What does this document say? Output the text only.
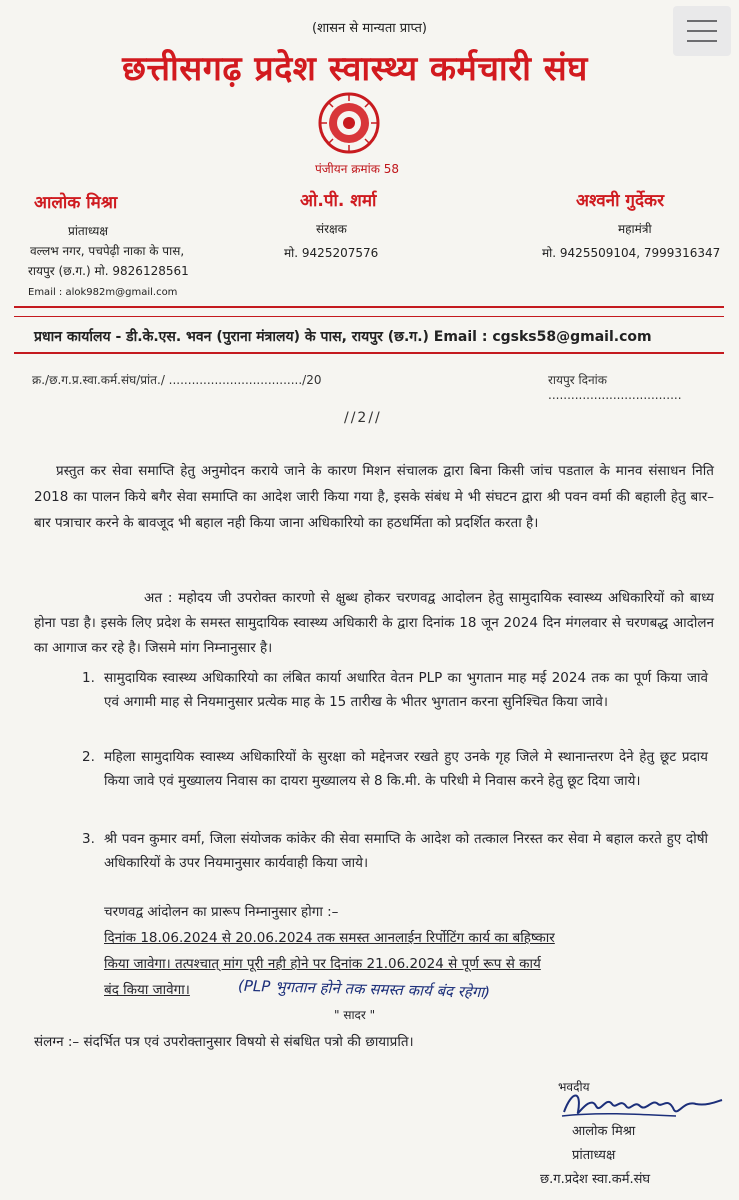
(शासन से मान्यता प्राप्त)
छत्तीसगढ़ प्रदेश स्वास्थ्य कर्मचारी संघ
पंजीयन क्रमांक 58
आलोक मिश्रा
प्रांताध्यक्ष
वल्लभ नगर, पचपेढ़ी नाका के पास,
रायपुर (छ.ग.) मो. 9826128561
Email : alok982m@gmail.com
ओ.पी. शर्मा
संरक्षक
मो. 9425207576
अश्वनी गुर्देकर
महामंत्री
मो. 9425509104, 7999316347
प्रधान कार्यालय - डी.के.एस. भवन (पुराना मंत्रालय) के पास, रायपुर (छ.ग.) Email : cgsks58@gmail.com
क्र./छ.ग.प्र.स्वा.कर्म.संघ/प्रांत./ .................................../20	रायपुर दिनांक ...................................
//2//
प्रस्तुत कर सेवा समाप्ति हेतु अनुमोदन कराये जाने के कारण मिशन संचालक द्वारा बिना किसी जांच पडताल के मानव संसाधन निति 2018 का पालन किये बगैर सेवा समाप्ति का आदेश जारी किया गया है, इसके संबंध मे भी संघटन द्वारा श्री पवन वर्मा की बहाली हेतु बार–बार पत्राचार करने के बावजूद भी बहाल नही किया जाना अधिकारियो का हठधर्मिता को प्रदर्शित करता है।
अत : महोदय जी उपरोक्त कारणो से क्षुब्ध होकर चरणवद्व आदोलन हेतु सामुदायिक स्वास्थ्य अधिकारियों को बाध्य होना पडा है। इसके लिए प्रदेश के समस्त सामुदायिक स्वास्थ्य अधिकारी के द्वारा दिनांक 18 जून 2024 दिन मंगलवार से चरणबद्ध आदोलन का आगाज कर रहे है। जिसमे मांग निम्नानुसार है।
1. सामुदायिक स्वास्थ्य अधिकारियो का लंबित कार्या अधारित वेतन PLP का भुगतान माह मई 2024 तक का पूर्ण किया जावे एवं अगामी माह से नियमानुसार प्रत्येक माह के 15 तारीख के भीतर भुगतान करना सुनिश्चित किया जावे।
2. महिला सामुदायिक स्वास्थ्य अधिकारियों के सुरक्षा को मद्देनजर रखते हुए उनके गृह जिले मे स्थानान्तरण देने हेतु छूट प्रदाय किया जावे एवं मुख्यालय निवास का दायरा मुख्यालय से 8 कि.मी. के परिधी मे निवास करने हेतु छूट दिया जाये।
3. श्री पवन कुमार वर्मा, जिला संयोजक कांकेर की सेवा समाप्ति के आदेश को तत्काल निरस्त कर सेवा मे बहाल करते हुए दोषी अधिकारियों के उपर नियमानुसार कार्यवाही किया जाये।
चरणवद्व आंदोलन का प्रारूप निम्नानुसार होगा :–
दिनांक 18.06.2024 से 20.06.2024 तक समस्त आनलाईन रिर्पोटिंग कार्य का बहिष्कार
किया जावेगा। तत्पश्चात् मांग पूरी नही होने पर दिनांक 21.06.2024 से पूर्ण रूप से कार्य
बंद किया जावेगा।	(PLP भुगतान होने तक समस्त कार्य बंद रहेगा)
" सादर "
संलग्न :– संदर्भित पत्र एवं उपरोक्तानुसार विषयो से संबधित पत्रो की छायाप्रति।
भवदीय
आलोक मिश्रा
प्रांताध्यक्ष
छ.ग.प्रदेश स्वा.कर्म.संघ
